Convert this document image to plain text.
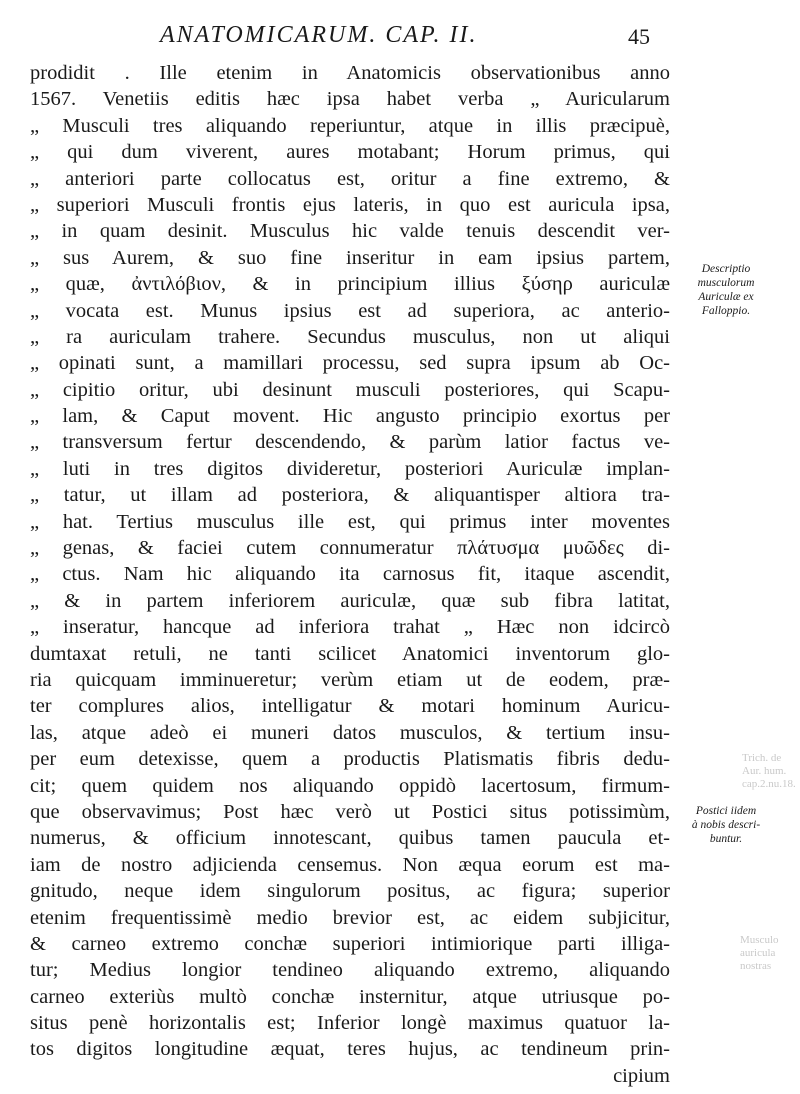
ANATOMICARUM. CAP. II.	45
prodidit . Ille etenim in Anatomicis observationibus anno
1567. Venetiis editis hæc ipsa habet verba „ Auricularum
„ Musculi tres aliquando reperiuntur, atque in illis præcipuè,
„ qui dum viverent, aures motabant; Horum primus, qui
„ anteriori parte collocatus est, oritur a fine extremo, &
„ superiori Musculi frontis ejus lateris, in quo est auricula ipsa,
„ in quam desinit. Musculus hic valde tenuis descendit ver-
„ sus Aurem, & suo fine inseritur in eam ipsius partem,
„ quæ, ἀντιλόβιον, & in principium illius ξύσηρ auriculæ
„ vocata est. Munus ipsius est ad superiora, ac anterio-
„ ra auriculam trahere. Secundus musculus, non ut aliqui
„ opinati sunt, a mamillari processu, sed supra ipsum ab Oc-
„ cipitio oritur, ubi desinunt musculi posteriores, qui Scapu-
„ lam, & Caput movent. Hic angusto principio exortus per
„ transversum fertur descendendo, & parùm latior factus ve-
„ luti in tres digitos divideretur, posteriori Auriculæ implan-
„ tatur, ut illam ad posteriora, & aliquantisper altiora tra-
„ hat. Tertius musculus ille est, qui primus inter moventes
„ genas, & faciei cutem connumeratur πλάτυσμα μυῶδες di-
„ ctus. Nam hic aliquando ita carnosus fit, itaque ascendit,
„ & in partem inferiorem auriculæ, quæ sub fibra latitat,
„ inseratur, hancque ad inferiora trahat „ Hæc non idcircò
dumtaxat retuli, ne tanti scilicet Anatomici inventorum glo-
ria quicquam imminueretur; verùm etiam ut de eodem, præ-
ter complures alios, intelligatur & motari hominum Auricu-
las, atque adeò ei muneri datos musculos, & tertium insu-
per eum detexisse, quem a productis Platismatis fibris dedu-
cit; quem quidem nos aliquando oppidò lacertosum, firmum-
que observavimus; Post hæc verò ut Postici situs potissimùm,
numerus, & officium innotescant, quibus tamen paucula et-
iam de nostro adjicienda censemus. Non æqua eorum est ma-
gnitudo, neque idem singulorum positus, ac figura; superior
etenim frequentissimè medio brevior est, ac eidem subjicitur,
& carneo extremo conchæ superiori intimiorique parti illiga-
tur; Medius longior tendineo aliquando extremo, aliquando
carneo exteriùs multò conchæ insternitur, atque utriusque po-
situs penè horizontalis est; Inferior longè maximus quatuor la-
tos digitos longitudine æquat, teres hujus, ac tendineum prin-
cipium
Descriptio
musculorum
Auriculæ ex
Falloppio.
Postici iidem
à nobis descri-
buntur.
Trich. de
Aur. hum.
cap.2.nu.18.
Musculo
auricula
nostras
